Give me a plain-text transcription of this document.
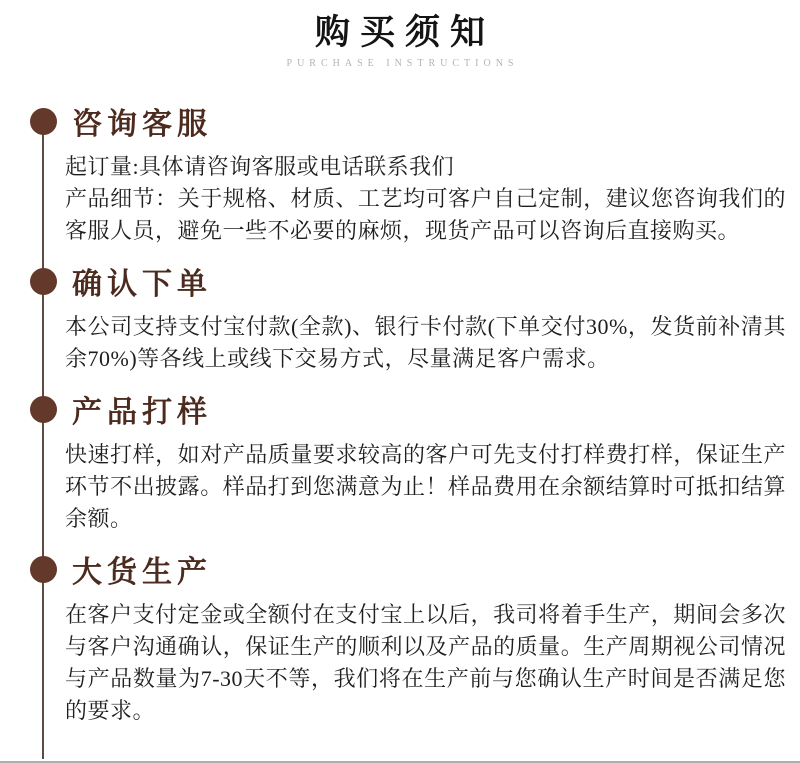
购买须知
PURCHASE INSTRUCTIONS
咨询客服

起订量:具体请咨询客服或电话联系我们

产品细节：关于规格、材质、工艺均可客户自己定制，建议您咨询我们的客服人员，避免一些不必要的麻烦，现货产品可以咨询后直接购买。

确认下单

本公司支持支付宝付款(全款)、银行卡付款(下单交付30%，发货前补清其余70%)等各线上或线下交易方式，尽量满足客户需求。

产品打样

快速打样，如对产品质量要求较高的客户可先支付打样费打样，保证生产环节不出披露。样品打到您满意为止！样品费用在余额结算时可抵扣结算余额。

大货生产

在客户支付定金或全额付在支付宝上以后，我司将着手生产，期间会多次与客户沟通确认，保证生产的顺利以及产品的质量。生产周期视公司情况与产品数量为7-30天不等，我们将在生产前与您确认生产时间是否满足您的要求。
